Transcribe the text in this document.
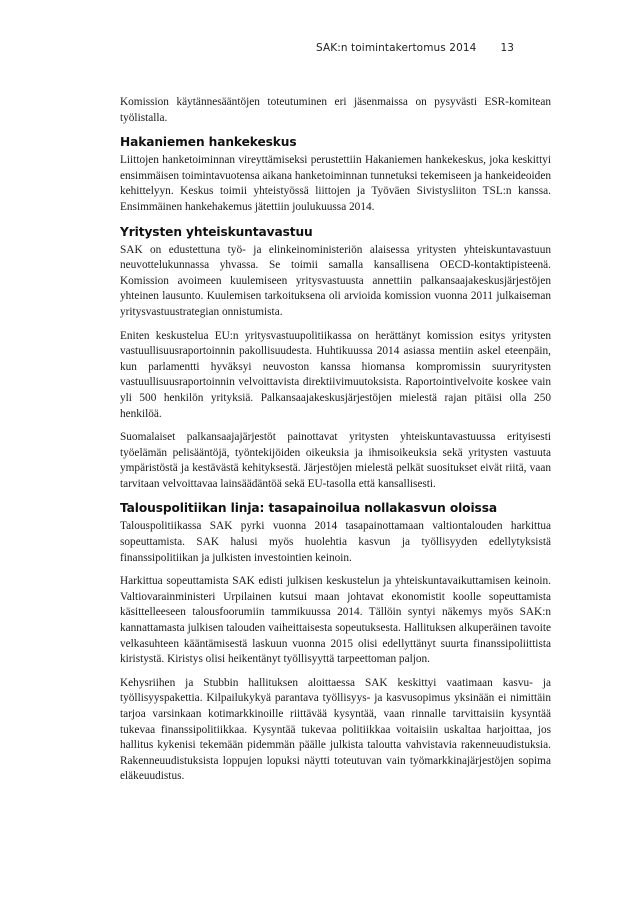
SAK:n toimintakertomus 2014 13

Komission käytännesääntöjen toteutuminen eri jäsenmaissa on pysyvästi ESR-komitean työlistalla.

Hakaniemen hankekeskus

Liittojen hanketoiminnan vireyttämiseksi perustettiin Hakaniemen hankekeskus, joka keskittyi ensimmäisen toimintavuotensa aikana hanketoiminnan tunnetuksi tekemiseen ja hankeideoiden kehittelyyn. Keskus toimii yhteistyössä liittojen ja Työväen Sivistysliiton TSL:n kanssa. Ensimmäinen hankehakemus jätettiin joulukuussa 2014.

Yritysten yhteiskuntavastuu

SAK on edustettuna työ- ja elinkeinoministeriön alaisessa yritysten yhteiskuntavastuun neuvottelukunnassa yhvassa. Se toimii samalla kansallisena OECD-kontaktipisteenä. Komission avoimeen kuulemiseen yritysvastuusta annettiin palkansaajakeskusjärjestöjen yhteinen lausunto. Kuulemisen tarkoituksena oli arvioida komission vuonna 2011 julkaiseman yritysvastuustrategian onnistumista.

Eniten keskustelua EU:n yritysvastuupolitiikassa on herättänyt komission esitys yritysten vastuullisuusraportoinnin pakollisuudesta. Huhtikuussa 2014 asiassa mentiin askel eteenpäin, kun parlamentti hyväksyi neuvoston kanssa hiomansa kompromissin suuryritysten vastuullisuusraportoinnin velvoittavista direktiivimuutoksista. Raportointivelvoite koskee vain yli 500 henkilön yrityksiä. Palkansaajakeskusjärjestöjen mielestä rajan pitäisi olla 250 henkilöä.

Suomalaiset palkansaajajärjestöt painottavat yritysten yhteiskuntavastuussa erityisesti työelämän pelisääntöjä, työntekijöiden oikeuksia ja ihmisoikeuksia sekä yritysten vastuuta ympäristöstä ja kestävästä kehityksestä. Järjestöjen mielestä pelkät suositukset eivät riitä, vaan tarvitaan velvoittavaa lainsäädäntöä sekä EU-tasolla että kansallisesti.

Talouspolitiikan linja: tasapainoilua nollakasvun oloissa

Talouspolitiikassa SAK pyrki vuonna 2014 tasapainottamaan valtiontalouden harkittua sopeuttamista. SAK halusi myös huolehtia kasvun ja työllisyyden edellytyksistä finanssipolitiikan ja julkisten investointien keinoin.

Harkittua sopeuttamista SAK edisti julkisen keskustelun ja yhteiskuntavaikuttamisen keinoin. Valtiovarainministeri Urpilainen kutsui maan johtavat ekonomistit koolle sopeuttamista käsittelleeseen talousfoorumiin tammikuussa 2014. Tällöin syntyi näkemys myös SAK:n kannattamasta julkisen talouden vaiheittaisesta sopeutuksesta. Hallituksen alkuperäinen tavoite velkasuhteen kääntämisestä laskuun vuonna 2015 olisi edellyttänyt suurta finanssipoliittista kiristystä. Kiristys olisi heikentänyt työllisyyttä tarpeettoman paljon.

Kehysriihen ja Stubbin hallituksen aloittaessa SAK keskittyi vaatimaan kasvu- ja työllisyyspakettia. Kilpailukykyä parantava työllisyys- ja kasvusopimus yksinään ei nimittäin tarjoa varsinkaan kotimarkkinoille riittävää kysyntää, vaan rinnalle tarvittaisiin kysyntää tukevaa finanssipolitiikkaa. Kysyntää tukevaa politiikkaa voitaisiin uskaltaa harjoittaa, jos hallitus kykenisi tekemään pidemmän päälle julkista taloutta vahvistavia rakenneuudistuksia. Rakenneuudistuksista loppujen lopuksi näytti toteutuvan vain työmarkkinajärjestöjen sopima eläkeuudistus.
